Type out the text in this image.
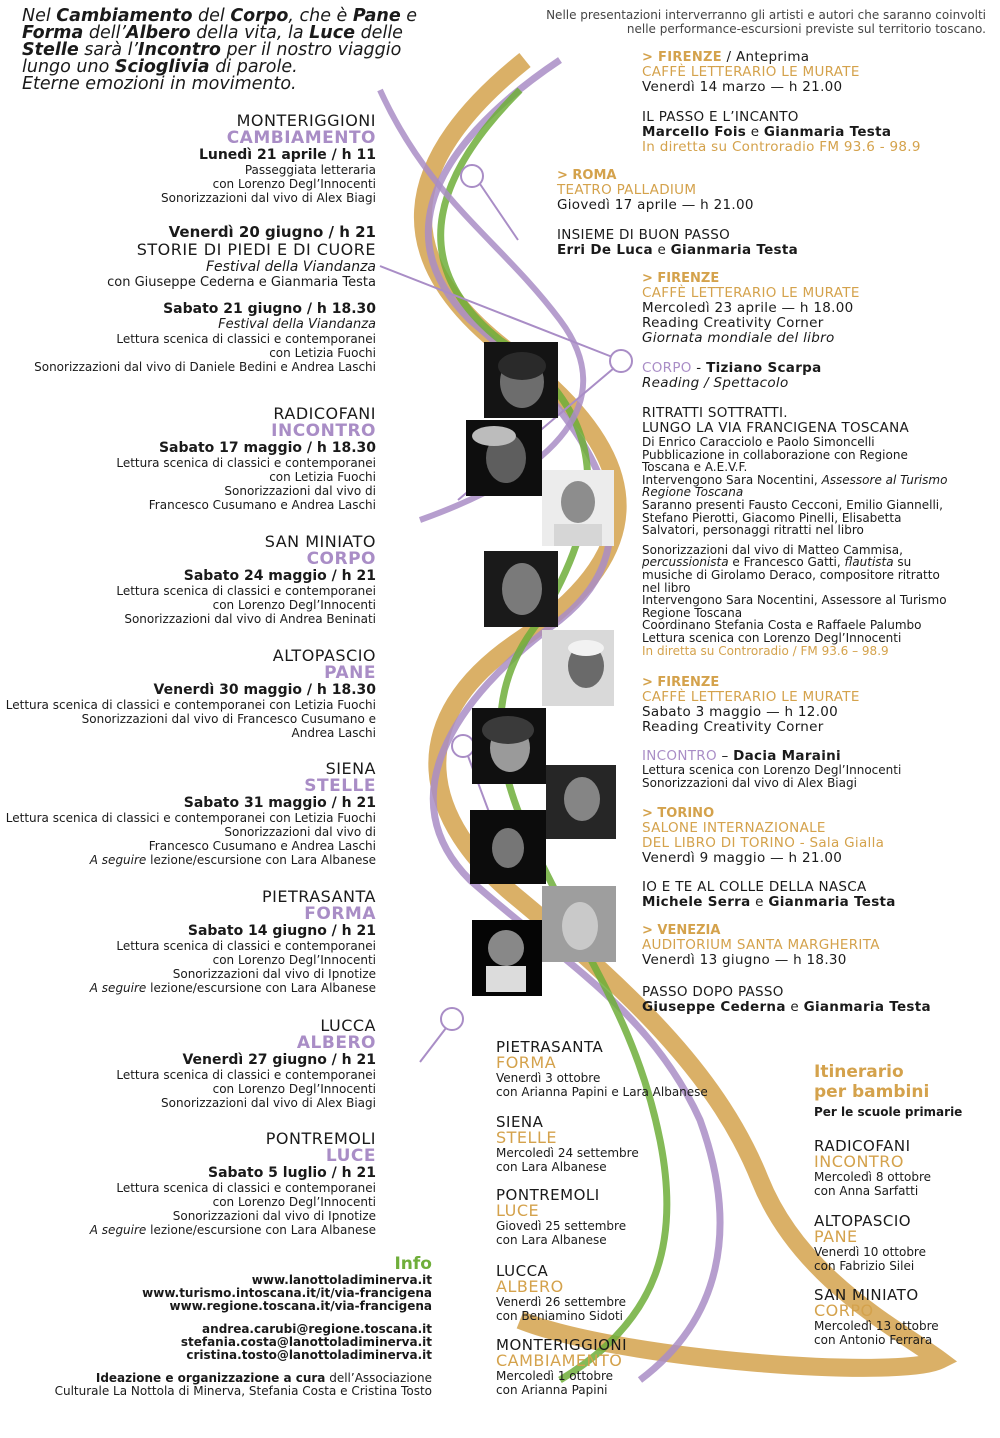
Nel Cambiamento del Corpo, che è Pane e
Forma dell’Albero della vita, la Luce delle
Stelle sarà l’Incontro per il nostro viaggio
lungo uno Scioglivia di parole.
Eterne emozioni in movimento.
Nelle presentazioni interverranno gli artisti e autori che saranno coinvolti
nelle performance-escursioni previste sul territorio toscano.
MONTERIGGIONI
CAMBIAMENTO
Lunedì 21 aprile / h 11
Passeggiata letteraria
con Lorenzo Degl’Innocenti
Sonorizzazioni dal vivo di Alex Biagi
Venerdì 20 giugno / h 21
STORIE DI PIEDI E DI CUORE
Festival della Viandanza
con Giuseppe Cederna e Gianmaria Testa
Sabato 21 giugno / h 18.30
Festival della Viandanza
Lettura scenica di classici e contemporanei
con Letizia Fuochi
Sonorizzazioni dal vivo di Daniele Bedini e Andrea Laschi
RADICOFANI
INCONTRO
Sabato 17 maggio / h 18.30
Lettura scenica di classici e contemporanei
con Letizia Fuochi
Sonorizzazioni dal vivo di
Francesco Cusumano e Andrea Laschi
SAN MINIATO
CORPO
Sabato 24 maggio / h 21
Lettura scenica di classici e contemporanei
con Lorenzo Degl’Innocenti
Sonorizzazioni dal vivo di Andrea Beninati
ALTOPASCIO
PANE
Venerdì 30 maggio / h 18.30
Lettura scenica di classici e contemporanei con Letizia Fuochi
Sonorizzazioni dal vivo di Francesco Cusumano e
Andrea Laschi
SIENA
STELLE
Sabato 31 maggio / h 21
Lettura scenica di classici e contemporanei con Letizia Fuochi
Sonorizzazioni dal vivo di
Francesco Cusumano e Andrea Laschi
A seguire lezione/escursione con Lara Albanese
PIETRASANTA
FORMA
Sabato 14 giugno / h 21
Lettura scenica di classici e contemporanei
con Lorenzo Degl’Innocenti
Sonorizzazioni dal vivo di Ipnotize
A seguire lezione/escursione con Lara Albanese
LUCCA
ALBERO
Venerdì 27 giugno / h 21
Lettura scenica di classici e contemporanei
con Lorenzo Degl’Innocenti
Sonorizzazioni dal vivo di Alex Biagi
PONTREMOLI
LUCE
Sabato 5 luglio / h 21
Lettura scenica di classici e contemporanei
con Lorenzo Degl’Innocenti
Sonorizzazioni dal vivo di Ipnotize
A seguire lezione/escursione con Lara Albanese
Info
www.lanottoladiminerva.it
www.turismo.intoscana.it/it/via-francigena
www.regione.toscana.it/via-francigena
andrea.carubi@regione.toscana.it
stefania.costa@lanottoladiminerva.it
cristina.tosto@lanottoladiminerva.it
Ideazione e organizzazione a cura dell’Associazione
Culturale La Nottola di Minerva, Stefania Costa e Cristina Tosto
> FIRENZE / Anteprima
CAFFÈ LETTERARIO LE MURATE
Venerdì 14 marzo — h 21.00
IL PASSO E L’INCANTO
Marcello Fois e Gianmaria Testa
In diretta su Controradio FM 93.6 - 98.9
> ROMA
TEATRO PALLADIUM
Giovedì 17 aprile — h 21.00
INSIEME DI BUON PASSO
Erri De Luca e Gianmaria Testa
> FIRENZE
CAFFÈ LETTERARIO LE MURATE
Mercoledì 23 aprile — h 18.00
Reading Creativity Corner
Giornata mondiale del libro
CORPO - Tiziano Scarpa
Reading / Spettacolo
RITRATTI SOTTRATTI.
LUNGO LA VIA FRANCIGENA TOSCANA
Di Enrico Caracciolo e Paolo Simoncelli
Pubblicazione in collaborazione con Regione
Toscana e A.E.V.F.
Intervengono Sara Nocentini, Assessore al Turismo
Regione Toscana
Saranno presenti Fausto Cecconi, Emilio Giannelli,
Stefano Pierotti, Giacomo Pinelli, Elisabetta
Salvatori, personaggi ritratti nel libro
Sonorizzazioni dal vivo di Matteo Cammisa,
percussionista e Francesco Gatti, flautista su
musiche di Girolamo Deraco, compositore ritratto
nel libro
Intervengono Sara Nocentini, Assessore al Turismo
Regione Toscana
Coordinano Stefania Costa e Raffaele Palumbo
Lettura scenica con Lorenzo Degl’Innocenti
In diretta su Controradio / FM 93.6 – 98.9
> FIRENZE
CAFFÈ LETTERARIO LE MURATE
Sabato 3 maggio — h 12.00
Reading Creativity Corner
INCONTRO – Dacia Maraini
Lettura scenica con Lorenzo Degl’Innocenti
Sonorizzazioni dal vivo di Alex Biagi
> TORINO
SALONE INTERNAZIONALE
DEL LIBRO DI TORINO - Sala Gialla
Venerdì 9 maggio — h 21.00
IO E TE AL COLLE DELLA NASCA
Michele Serra e Gianmaria Testa
> VENEZIA
AUDITORIUM SANTA MARGHERITA
Venerdì 13 giugno — h 18.30
PASSO DOPO PASSO
Giuseppe Cederna e Gianmaria Testa
PIETRASANTA
FORMA
Venerdì 3 ottobre
con Arianna Papini e Lara Albanese
SIENA
STELLE
Mercoledì 24 settembre
con Lara Albanese
PONTREMOLI
LUCE
Giovedì 25 settembre
con Lara Albanese
LUCCA
ALBERO
Venerdì 26 settembre
con Beniamino Sidoti
MONTERIGGIONI
CAMBIAMENTO
Mercoledì 1 ottobre
con Arianna Papini
Itinerario
per bambini
Per le scuole primarie
RADICOFANI
INCONTRO
Mercoledì 8 ottobre
con Anna Sarfatti
ALTOPASCIO
PANE
Venerdì 10 ottobre
con Fabrizio Silei
SAN MINIATO
CORPO
Mercoledì 13 ottobre
con Antonio Ferrara
